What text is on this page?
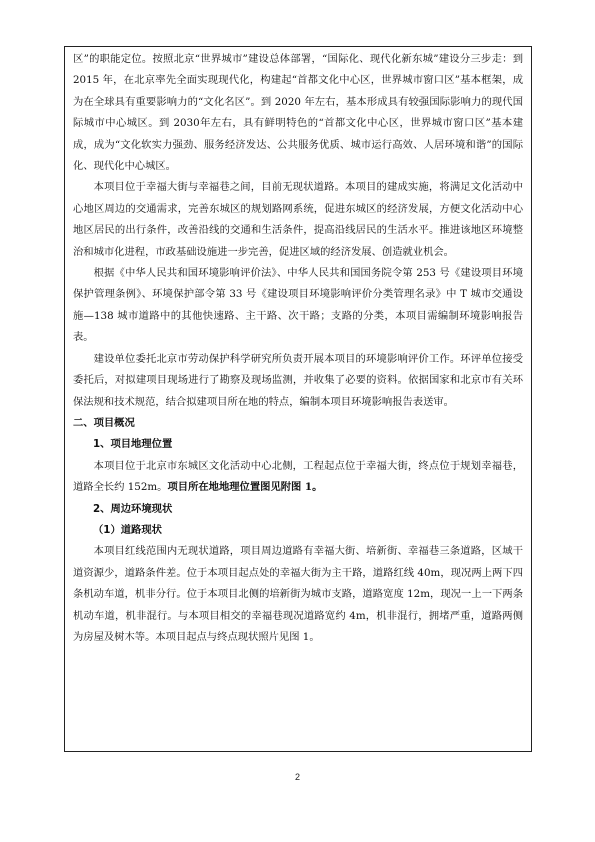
区”的职能定位。按照北京“世界城市”建设总体部署，“国际化、现代化新东城”建设分三步走：到 2015 年，在北京率先全面实现现代化，构建起“首都文化中心区，世界城市窗口区”基本框架，成为在全球具有重要影响力的“文化名区”。到 2020 年左右，基本形成具有较强国际影响力的现代国际城市中心城区。到 2030年左右，具有鲜明特色的“首都文化中心区，世界城市窗口区”基本建成，成为“文化软实力强劲、服务经济发达、公共服务优质、城市运行高效、人居环境和谐”的国际化、现代化中心城区。

本项目位于幸福大街与幸福巷之间，目前无现状道路。本项目的建成实施，将满足文化活动中心地区周边的交通需求，完善东城区的规划路网系统，促进东城区的经济发展，方便文化活动中心地区居民的出行条件，改善沿线的交通和生活条件，提高沿线居民的生活水平。推进该地区环境整治和城市化进程，市政基础设施进一步完善，促进区域的经济发展、创造就业机会。

根据《中华人民共和国环境影响评价法》、中华人民共和国国务院令第 253 号《建设项目环境保护管理条例》、环境保护部令第 33 号《建设项目环境影响评价分类管理名录》中 T 城市交通设施—138 城市道路中的其他快速路、主干路、次干路；支路的分类，本项目需编制环境影响报告表。

建设单位委托北京市劳动保护科学研究所负责开展本项目的环境影响评价工作。环评单位接受委托后，对拟建项目现场进行了勘察及现场监测，并收集了必要的资料。依据国家和北京市有关环保法规和技术规范，结合拟建项目所在地的特点，编制本项目环境影响报告表送审。

二、项目概况

1、项目地理位置

本项目位于北京市东城区文化活动中心北侧，工程起点位于幸福大街，终点位于规划幸福巷，道路全长约 152m。项目所在地地理位置图见附图 1。

2、周边环境现状

（1）道路现状

本项目红线范围内无现状道路，项目周边道路有幸福大街、培新街、幸福巷三条道路，区域干道资源少，道路条件差。位于本项目起点处的幸福大街为主干路，道路红线 40m，现况两上两下四条机动车道，机非分行。位于本项目北侧的培新街为城市支路，道路宽度 12m，现况一上一下两条机动车道，机非混行。与本项目相交的幸福巷现况道路宽约 4m，机非混行，拥堵严重，道路两侧为房屋及树木等。本项目起点与终点现状照片见图 1。

2
